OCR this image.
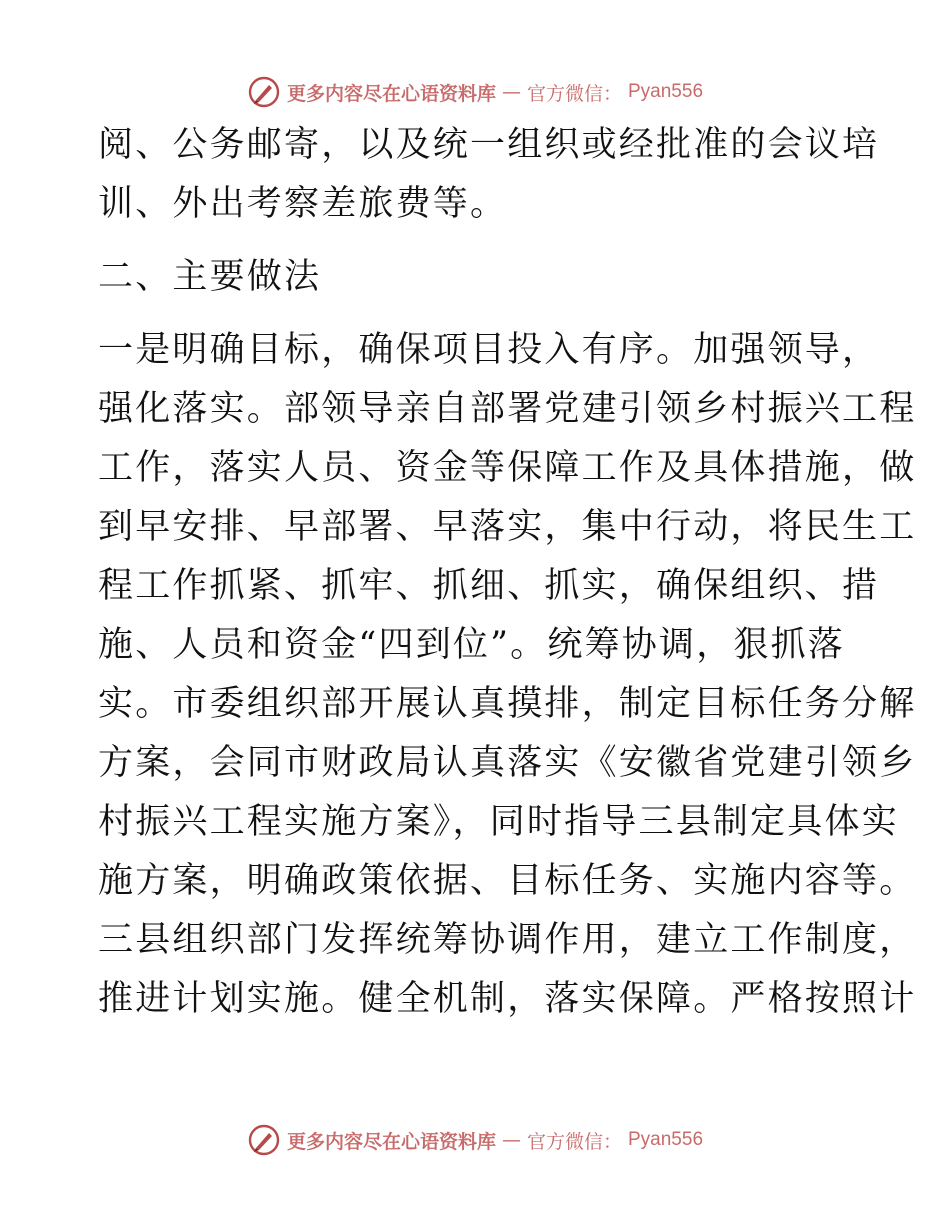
更多内容尽在心语资料库 — 官方微信： Pyan556
阅、公务邮寄，以及统一组织或经批准的会议培
训、外出考察差旅费等。
二、主要做法
一是明确目标，确保项目投入有序。加强领导，
强化落实。部领导亲自部署党建引领乡村振兴工程
工作，落实人员、资金等保障工作及具体措施，做
到早安排、早部署、早落实，集中行动，将民生工
程工作抓紧、抓牢、抓细、抓实，确保组织、措
施、人员和资金“四到位”。统筹协调，狠抓落
实。市委组织部开展认真摸排，制定目标任务分解
方案，会同市财政局认真落实《安徽省党建引领乡
村振兴工程实施方案》，同时指导三县制定具体实
施方案，明确政策依据、目标任务、实施内容等。
三县组织部门发挥统筹协调作用，建立工作制度，
推进计划实施。健全机制，落实保障。严格按照计
更多内容尽在心语资料库 — 官方微信： Pyan556
